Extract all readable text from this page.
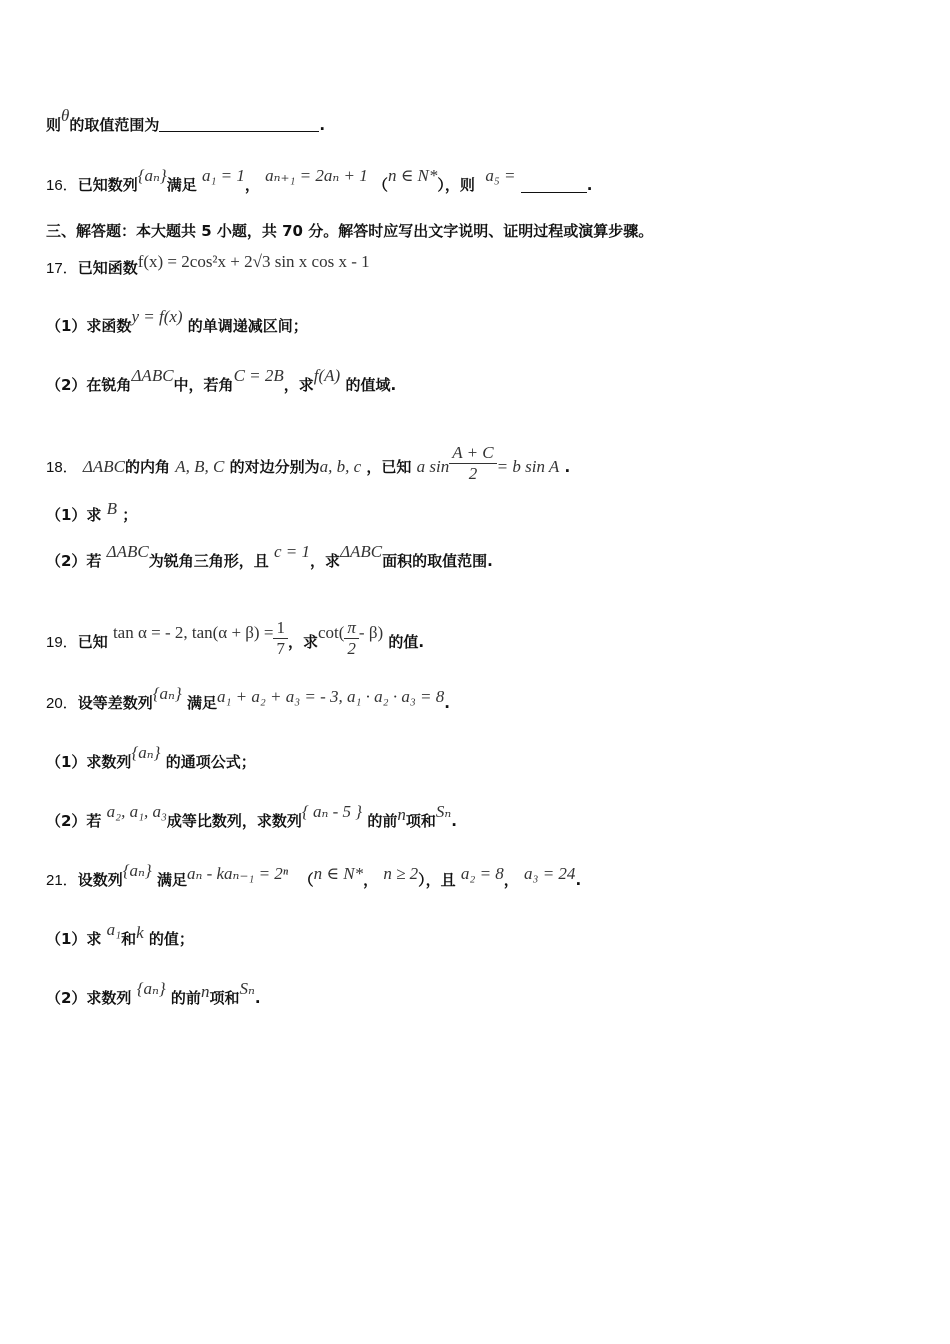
则θ的取值范围为	.
16．已知数列{aₙ}满足 a₁ = 1， aₙ₊₁ = 2aₙ + 1 （n ∈ N*），则 a₅ =	.
三、解答题：本大题共 5 小题，共 70 分。解答时应写出文字说明、证明过程或演算步骤。
17．已知函数f(x) = 2cos²x + 2√3 sin x cos x - 1
（1）求函数y = f(x) 的单调递减区间；
（2）在锐角ΔABC中，若角C = 2B，求f(A) 的值域.
18． ΔABC的内角 A, B, C 的对边分别为a, b, c ，已知 a $\sin \frac{A + C}{2} = b$ sin A .
（1）求 B ；
（2）若 ΔABC为锐角三角形，且 c = 1，求ΔABC面积的取值范围.
19．已知 tan α = - 2, $\tan(\alpha + \beta) = \frac{1}{7}$ ，求$\cot( \frac{\pi}{2} - \beta)$ 的值.
20．设等差数列{aₙ} 满足a₁ + a₂ + a₃ = - 3, a₁ · a₂ · a₃ = 8.
（1）求数列{aₙ} 的通项公式；
（2）若 a₂, a₁, a₃成等比数列，求数列{ aₙ - 5 } 的前n项和Sₙ.
21．设数列{aₙ} 满足aₙ - kaₙ₋₁ = 2ⁿ （n ∈ N*， n ≥ 2），且 a₂ = 8， a₃ = 24.
（1）求 a₁和k 的值；
（2）求数列 {aₙ} 的前n项和Sₙ.
